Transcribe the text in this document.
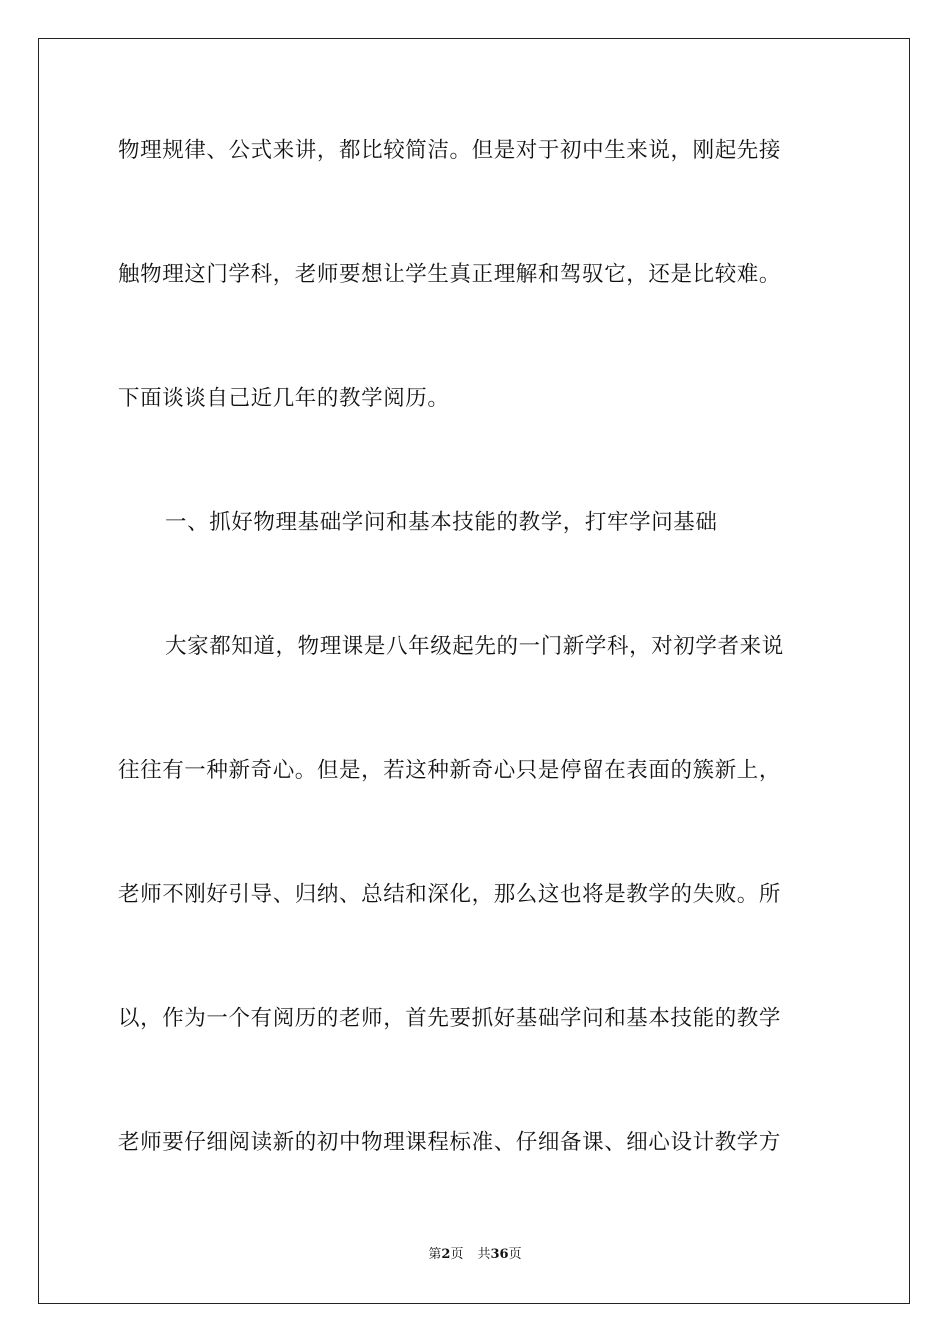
物理规律、公式来讲，都比较简洁。但是对于初中生来说，刚起先接
触物理这门学科，老师要想让学生真正理解和驾驭它，还是比较难。
下面谈谈自己近几年的教学阅历。
一、抓好物理基础学问和基本技能的教学，打牢学问基础
大家都知道，物理课是八年级起先的一门新学科，对初学者来说
往往有一种新奇心。但是，若这种新奇心只是停留在表面的簇新上，
老师不刚好引导、归纳、总结和深化，那么这也将是教学的失败。所
以，作为一个有阅历的老师，首先要抓好基础学问和基本技能的教学
老师要仔细阅读新的初中物理课程标准、仔细备课、细心设计教学方
第2页 共36页
